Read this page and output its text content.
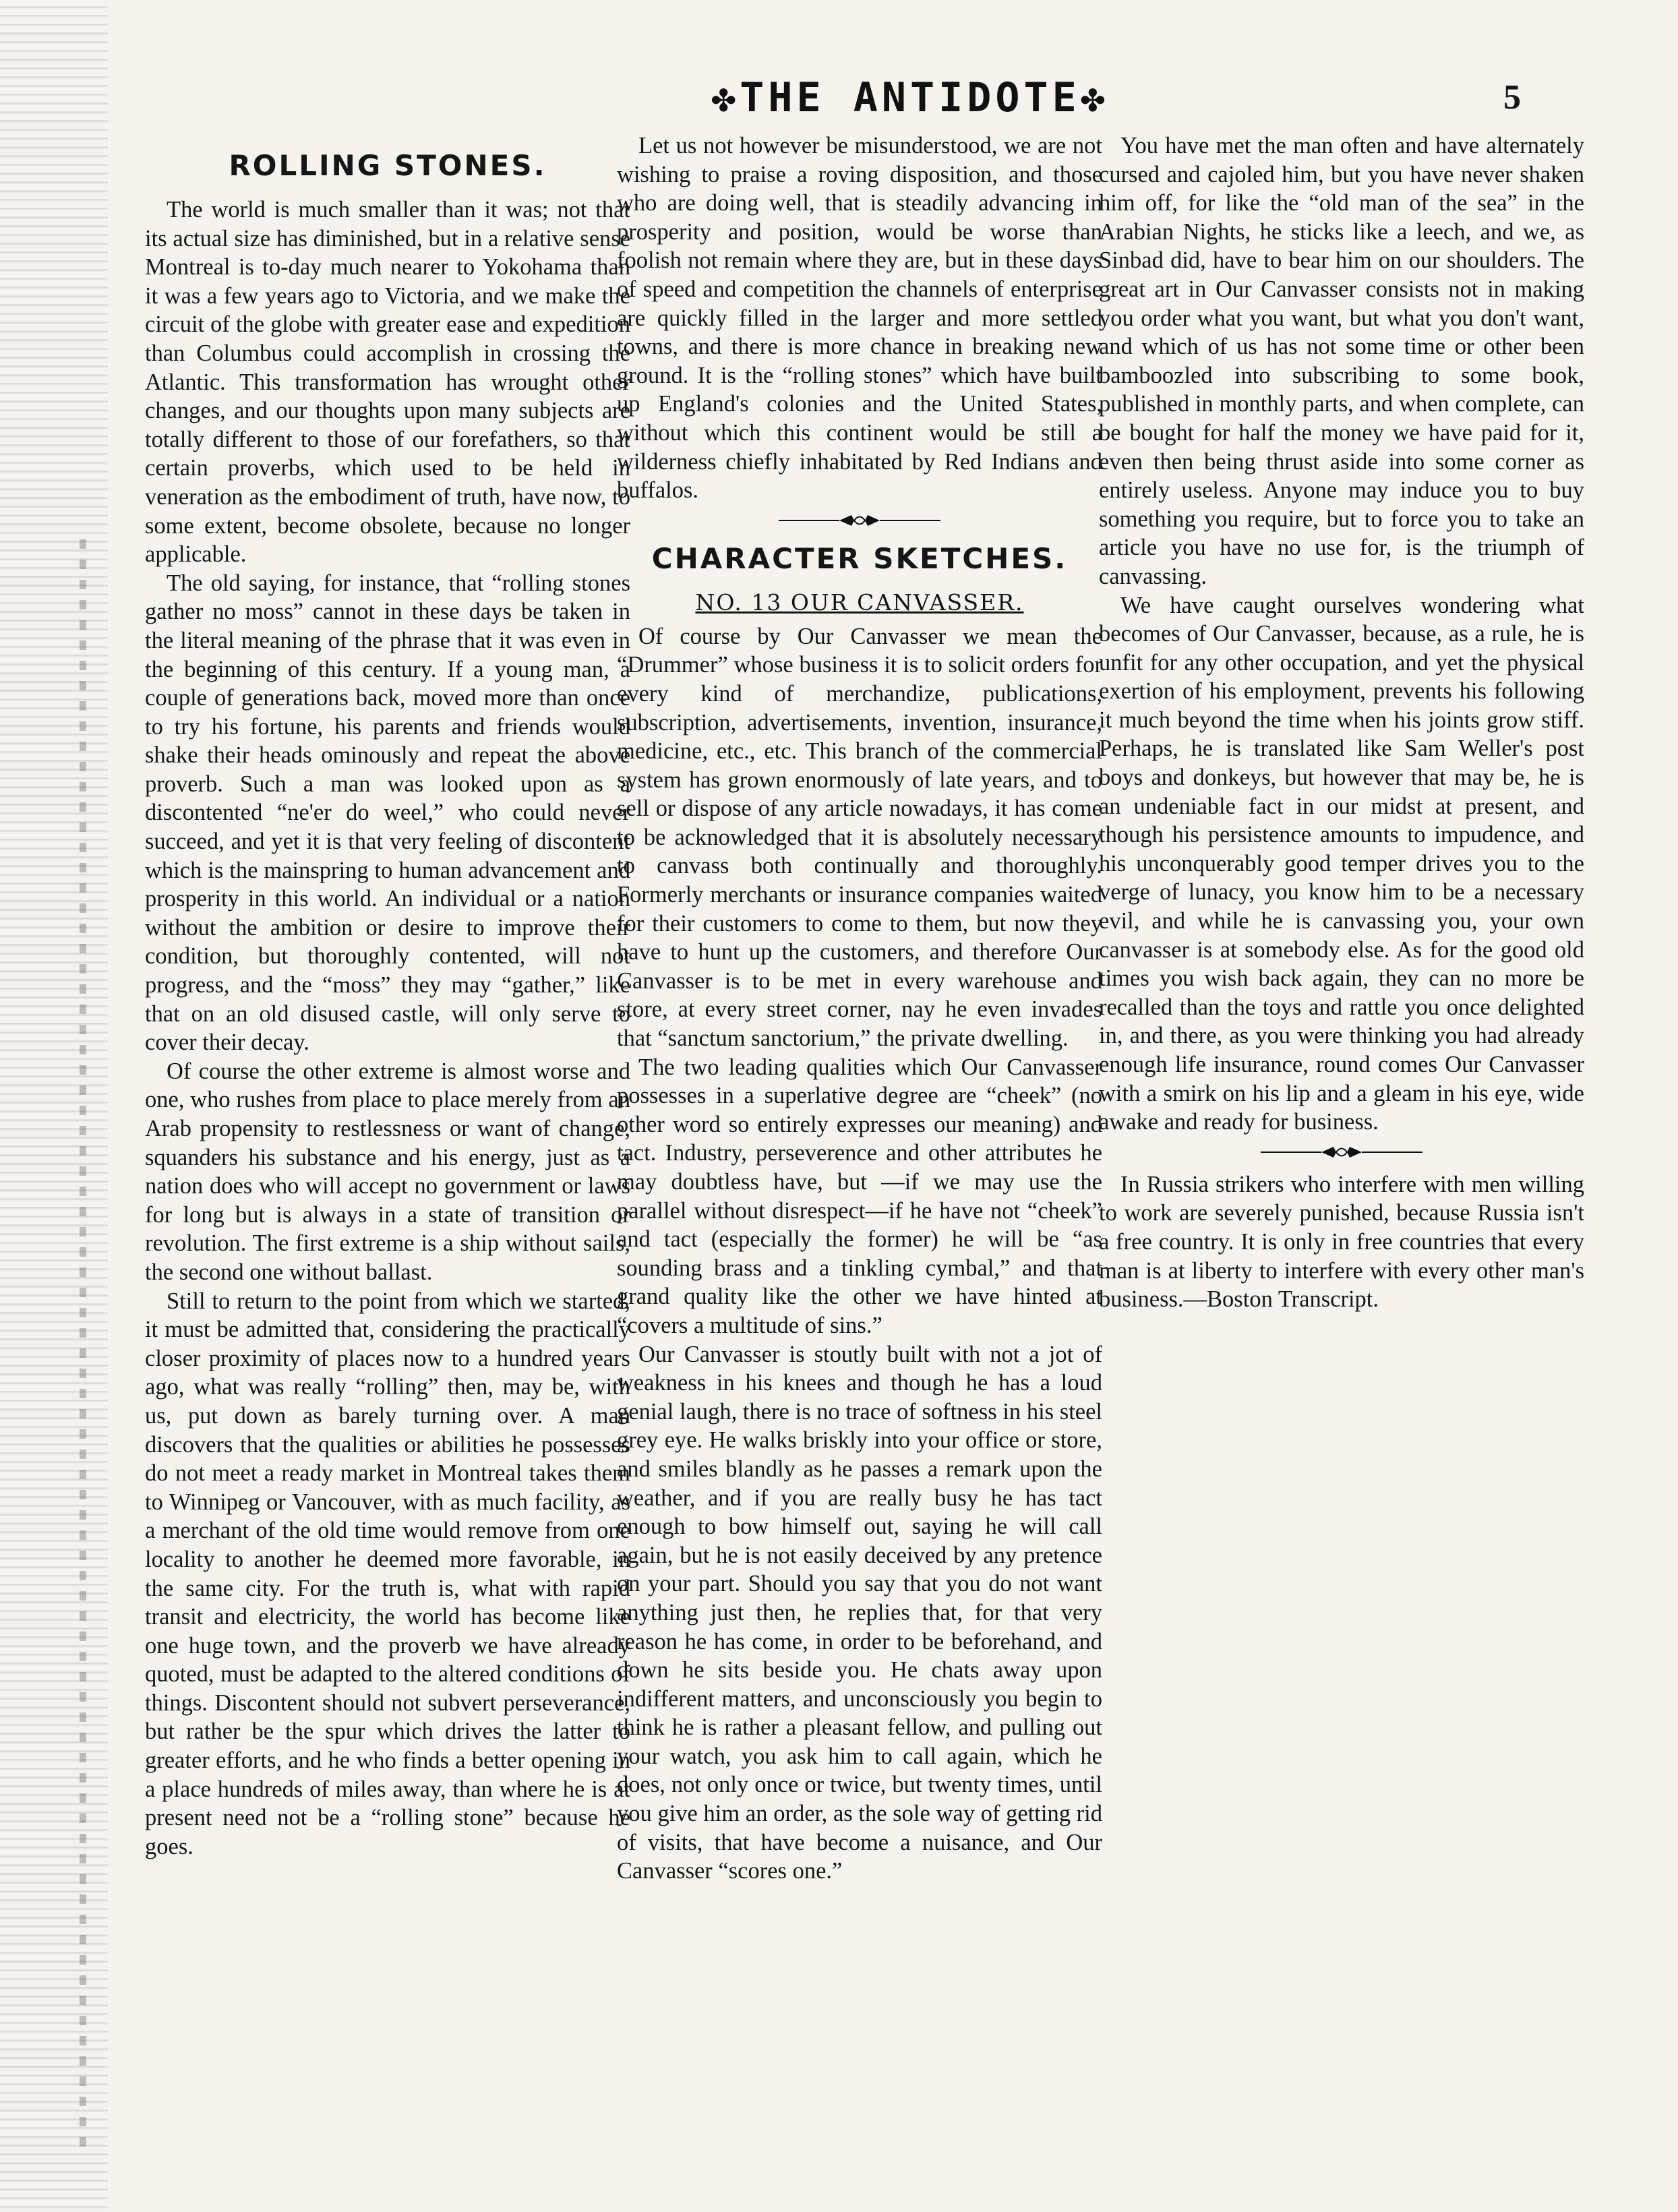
✤THE ANTIDOTE✤	5
ROLLING STONES.

The world is much smaller than it was; not that its actual size has diminished, but in a relative sense Montreal is to-day much nearer to Yokohama than it was a few years ago to Victoria, and we make the circuit of the globe with greater ease and expedition than Columbus could accomplish in crossing the Atlantic. This transformation has wrought other changes, and our thoughts upon many subjects are totally different to those of our forefathers, so that certain proverbs, which used to be held in veneration as the embodiment of truth, have now, to some extent, become obsolete, because no longer applicable.

The old saying, for instance, that “rolling stones gather no moss” cannot in these days be taken in the literal meaning of the phrase that it was even in the beginning of this century. If a young man, a couple of generations back, moved more than once to try his fortune, his parents and friends would shake their heads ominously and repeat the above proverb. Such a man was looked upon as a discontented “ne'er do weel,” who could never succeed, and yet it is that very feeling of discontent which is the mainspring to human advancement and prosperity in this world. An individual or a nation without the ambition or desire to improve their condition, but thoroughly contented, will not progress, and the “moss” they may “gather,” like that on an old disused castle, will only serve to cover their decay.

Of course the other extreme is almost worse and one, who rushes from place to place merely from an Arab propensity to restlessness or want of change, squanders his substance and his energy, just as a nation does who will accept no government or laws for long but is always in a state of transition or revolution. The first extreme is a ship without sails, the second one without ballast.

Still to return to the point from which we started, it must be admitted that, considering the practically closer proximity of places now to a hundred years ago, what was really “rolling” then, may be, with us, put down as barely turning over. A man discovers that the qualities or abilities he possesses do not meet a ready market in Montreal takes them to Winnipeg or Vancouver, with as much facility, as a merchant of the old time would remove from one locality to another he deemed more favorable, in the same city. For the truth is, what with rapid transit and electricity, the world has become like one huge town, and the proverb we have already quoted, must be adapted to the altered conditions of things. Discontent should not subvert perseverance, but rather be the spur which drives the latter to greater efforts, and he who finds a better opening in a place hundreds of miles away, than where he is at present need not be a “rolling stone” because he goes.

Let us not however be misunderstood, we are not wishing to praise a roving disposition, and those who are doing well, that is steadily advancing in prosperity and position, would be worse than foolish not remain where they are, but in these days of speed and competition the channels of enterprise are quickly filled in the larger and more settled towns, and there is more chance in breaking new ground. It is the “rolling stones” which have built up England's colonies and the United States, without which this continent would be still a wilderness chiefly inhabitated by Red Indians and buffalos.

CHARACTER SKETCHES.
NO. 13 OUR CANVASSER.

Of course by Our Canvasser we mean the “Drummer” whose business it is to solicit orders for every kind of merchandize, publications, subscription, advertisements, invention, insurance, medicine, etc., etc. This branch of the commercial system has grown enormously of late years, and to sell or dispose of any article nowadays, it has come to be acknowledged that it is absolutely necessary to canvass both continually and thoroughly. Formerly merchants or insurance companies waited for their customers to come to them, but now they have to hunt up the customers, and therefore Our Canvasser is to be met in every warehouse and store, at every street corner, nay he even invades that “sanctum sanctorium,” the private dwelling.

The two leading qualities which Our Canvasser possesses in a superlative degree are “cheek” (no other word so entirely expresses our meaning) and tact. Industry, perseverence and other attributes he may doubtless have, but —if we may use the parallel without disrespect—if he have not “cheek” and tact (especially the former) he will be “as sounding brass and a tinkling cymbal,” and that grand quality like the other we have hinted at “covers a multitude of sins.”

Our Canvasser is stoutly built with not a jot of weakness in his knees and though he has a loud genial laugh, there is no trace of softness in his steel grey eye. He walks briskly into your office or store, and smiles blandly as he passes a remark upon the weather, and if you are really busy he has tact enough to bow himself out, saying he will call again, but he is not easily deceived by any pretence on your part. Should you say that you do not want anything just then, he replies that, for that very reason he has come, in order to be beforehand, and down he sits beside you. He chats away upon indifferent matters, and unconsciously you begin to think he is rather a pleasant fellow, and pulling out your watch, you ask him to call again, which he does, not only once or twice, but twenty times, until you give him an order, as the sole way of getting rid of visits, that have become a nuisance, and Our Canvasser “scores one.”

You have met the man often and have alternately cursed and cajoled him, but you have never shaken him off, for like the “old man of the sea” in the Arabian Nights, he sticks like a leech, and we, as Sinbad did, have to bear him on our shoulders. The great art in Our Canvasser consists not in making you order what you want, but what you don't want, and which of us has not some time or other been bamboozled into subscribing to some book, published in monthly parts, and when complete, can be bought for half the money we have paid for it, even then being thrust aside into some corner as entirely useless. Anyone may induce you to buy something you require, but to force you to take an article you have no use for, is the triumph of canvassing.

We have caught ourselves wondering what becomes of Our Canvasser, because, as a rule, he is unfit for any other occupation, and yet the physical exertion of his employment, prevents his following it much beyond the time when his joints grow stiff. Perhaps, he is translated like Sam Weller's post boys and donkeys, but however that may be, he is an undeniable fact in our midst at present, and though his persistence amounts to impudence, and his unconquerably good temper drives you to the verge of lunacy, you know him to be a necessary evil, and while he is canvassing you, your own canvasser is at somebody else. As for the good old times you wish back again, they can no more be recalled than the toys and rattle you once delighted in, and there, as you were thinking you had already enough life insurance, round comes Our Canvasser with a smirk on his lip and a gleam in his eye, wide awake and ready for business.

In Russia strikers who interfere with men willing to work are severely punished, because Russia isn't a free country. It is only in free countries that every man is at liberty to interfere with every other man's business.—Boston Transcript.
